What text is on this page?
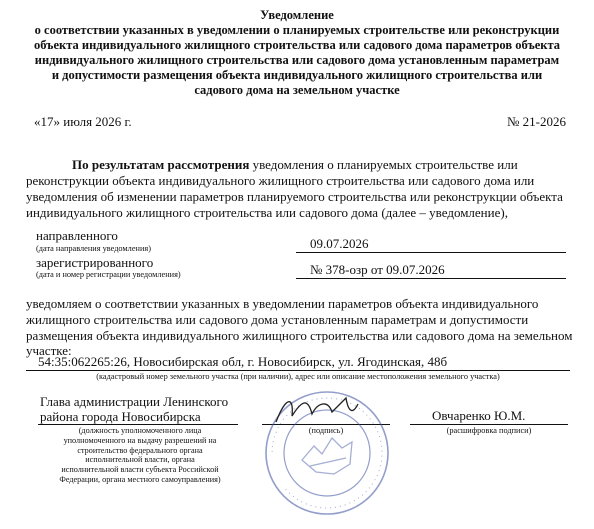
Уведомление
о соответствии указанных в уведомлении о планируемых строительстве или реконструкции
объекта индивидуального жилищного строительства или садового дома параметров объекта
индивидуального жилищного строительства или садового дома установленным параметрам
и допустимости размещения объекта индивидуального жилищного строительства или
садового дома на земельном участке
«17» июля 2026 г.	№ 21-2026
По результатам рассмотрения уведомления о планируемых строительстве или
реконструкции объекта индивидуального жилищного строительства или садового дома или
уведомления об изменении параметров планируемого строительства или реконструкции объекта
индивидуального жилищного строительства или садового дома (далее – уведомление),
направленного
(дата направления уведомления)	09.07.2026
зарегистрированного
(дата и номер регистрации уведомления)	№ 378-озр от 09.07.2026
уведомляем о соответствии указанных в уведомлении параметров объекта индивидуального
жилищного строительства или садового дома установленным параметрам и допустимости
размещения объекта индивидуального жилищного строительства или садового дома на земельном
участке:
54:35:062265:26, Новосибирская обл, г. Новосибирск, ул. Ягодинская, 48б
(кадастровый номер земельного участка (при наличии), адрес или описание местоположения земельного участка)
Глава администрации Ленинского
района города Новосибирска
(должность уполномоченного лица
уполномоченного на выдачу разрешений на
строительство федерального органа
исполнительной власти, органа
исполнительной власти субъекта Российской
Федерации, органа местного самоуправления)
(подпись)
······························································
Овчаренко Ю.М.
(расшифровка подписи)
